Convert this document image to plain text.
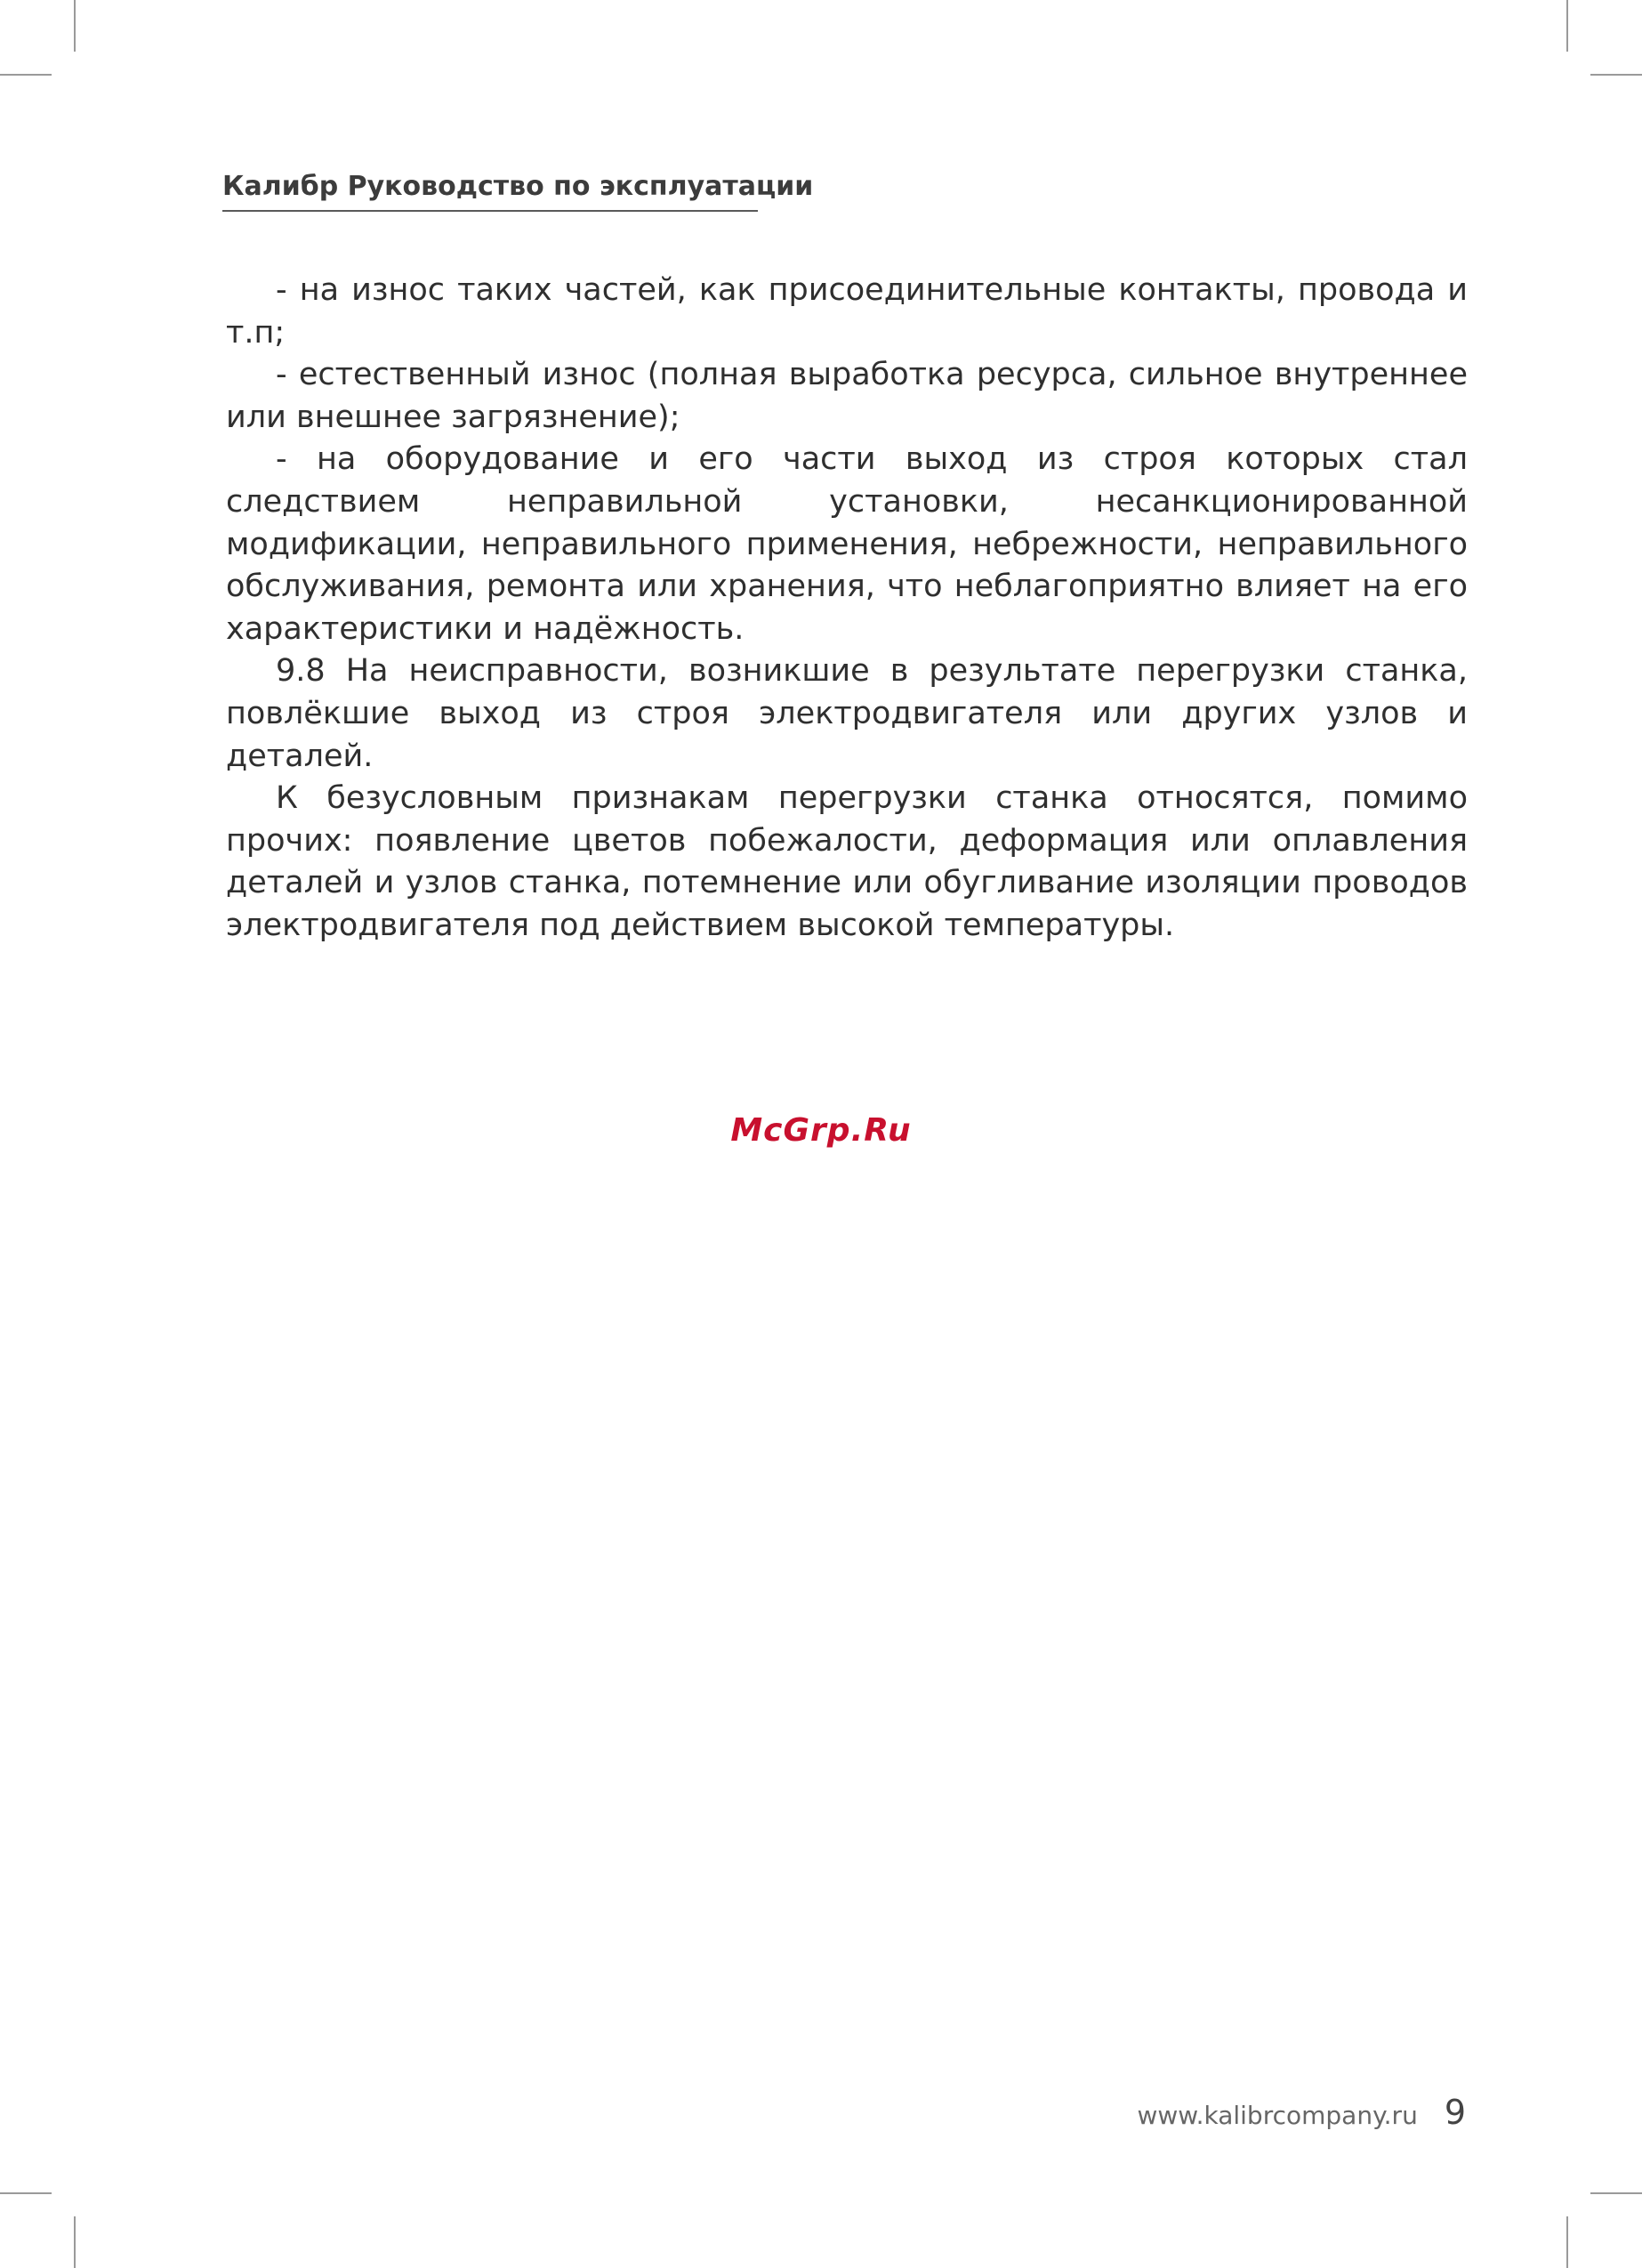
Калибр Руководство по эксплуатации

- на износ таких частей, как присоединительные контакты, провода и т.п;

- естественный износ (полная выработка ресурса, сильное внутреннее или внешнее загрязнение);

- на оборудование и его части выход из строя которых стал следствием неправильной установки, несанкционированной модификации, неправильного применения, небрежности, неправильного обслуживания, ремонта или хранения, что неблагоприятно влияет на его характеристики и надёжность.

9.8 На неисправности, возникшие в результате перегрузки станка, повлёкшие выход из строя электродвигателя или других узлов и деталей.

К безусловным признакам перегрузки станка относятся, помимо прочих: появление цветов побежалости, деформация или оплавления деталей и узлов станка, потемнение или обугливание изоляции проводов электродвигателя под действием высокой температуры.

McGrp.Ru
www.kalibrcompany.ru 9
